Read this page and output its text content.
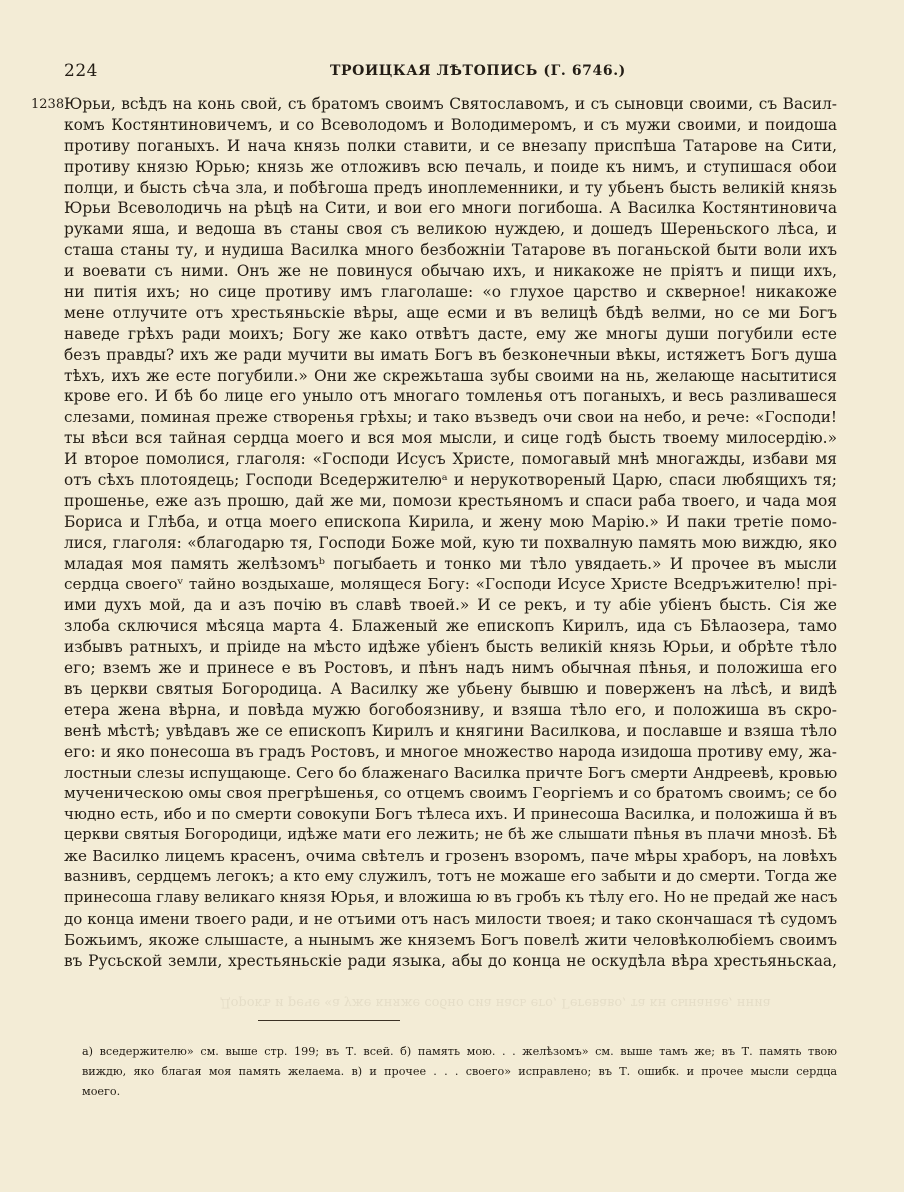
224	ТРОИЦКАЯ ЛѢТОПИСЬ (Г. 6746.)
1238
Дорокъ и рече «а уже княже собно сиа нась его, Гегеваво, та кн сынанае, нниа
Юрьи, всѣдъ на конь свой, съ братомъ своимъ Святославомъ, и съ сыновци своими, съ Васил-
комъ Костянтиновичемъ, и со Всеволодомъ и Володимеромъ, и съ мужи своими, и поидоша
противу поганыхъ. И нача князь полки ставити, и се внезапу приспѣша Татарове на Сити,
противу князю Юрью; князь же отложивъ всю печаль, и поиде къ нимъ, и ступишася обои
полци, и бысть сѣча зла, и побѣгоша предъ иноплеменники, и ту убьенъ бысть великій князь
Юрьи Всеволодичь на рѣцѣ на Сити, и вои его многи погибоша. А Василка Костянтиновича
руками яша, и ведоша въ станы своя съ великою нуждею, и дошедъ Шереньского лѣса, и
сташа станы ту, и нудиша Василка много безбожніи Татарове въ поганьской быти воли ихъ
и воевати съ ними. Онъ же не повинуся обычаю ихъ, и никакоже не пріятъ и пищи ихъ,
ни питія ихъ; но сице противу имъ глаголаше: «о глухое царство и скверное! никакоже
мене отлучите отъ хрестьяньскіе вѣры, аще есми и въ велицѣ бѣдѣ велми, но се ми Богъ
наведе грѣхъ ради моихъ; Богу же како отвѣтъ дасте, ему же многы души погубили есте
безъ правды? ихъ же ради мучити вы имать Богъ въ безконечныи вѣкы, истяжетъ Богъ душа
тѣхъ, ихъ же есте погубили.» Они же скрежьташа зубы своими на нь, желающе насытитися
крове его. И бѣ бо лице его уныло отъ многаго томленья отъ поганыхъ, и весь разливашеся
слезами, поминая преже створенья грѣхы; и тако възведъ очи свои на небо, и рече: «Господи!
ты вѣси вся тайная сердца моего и вся моя мысли, и сице годѣ бысть твоему милосердію.»
И второе помолися, глаголя: «Господи Исусъ Христе, помогавый мнѣ многажды, избави мя
отъ сѣхъ плотоядець; Господи Вседержителюᵃ и нерукотвореный Царю, спаси любящихъ тя;
прошенье, еже азъ прошю, дай же ми, помози крестьяномъ и спаси раба твоего, и чада моя
Бориса и Глѣба, и отца моего епископа Кирила, и жену мою Марію.» И паки третіе помо-
лися, глаголя: «благодарю тя, Господи Боже мой, кую ти похвалную память мою виждю, яко
младая моя память желѣзомъᵇ погыбаеть и тонко ми тѣло увядаеть.» И прочее въ мысли
сердца своегоᵛ тайно воздыхаше, молящеся Богу: «Господи Исусе Христе Вседръжителю! прі-
ими духъ мой, да и азъ почію въ славѣ твоей.» И се рекъ, и ту абіе убіенъ бысть. Сія же
злоба сключися мѣсяца марта 4. Блаженый же епископъ Кирилъ, ида съ Бѣлаозера, тамо
избывъ ратныхъ, и пріиде на мѣсто идѣже убіенъ бысть великій князь Юрьи, и обрѣте тѣло
его; вземъ же и принесе е въ Ростовъ, и пѣнъ надъ нимъ обычная пѣнья, и положиша его
въ церкви святыя Богородица. А Василку же убьену бывшю и поверженъ на лѣсѣ, и видѣ
етера жена вѣрна, и повѣда мужю богобоязниву, и взяша тѣло его, и положиша въ скро-
венѣ мѣстѣ; увѣдавъ же се епископъ Кирилъ и княгини Василкова, и пославше и взяша тѣло
его: и яко понесоша въ градъ Ростовъ, и многое множество народа изидоша противу ему, жа-
лостныи слезы испущающе. Сего бо блаженаго Василка причте Богъ смерти Андреевѣ, кровью
мученическою омы своя прегрѣшенья, со отцемъ своимъ Георгіемъ и со братомъ своимъ; се бо
чюдно есть, ибо и по смерти совокупи Богъ тѣлеса ихъ. И принесоша Василка, и положиша й въ
церкви святыя Богородици, идѣже мати его лежить; не бѣ же слышати пѣнья въ плачи мнозѣ. Бѣ
же Василко лицемъ красенъ, очима свѣтелъ и грозенъ взоромъ, паче мѣры храборъ, на ловѣхъ
вазнивъ, сердцемъ легокъ; а кто ему служилъ, тотъ не можаше его забыти и до смерти. Тогда же
принесоша главу великаго князя Юрья, и вложиша ю въ гробъ къ тѣлу его. Но не предай же насъ
до конца имени твоего ради, и не отъими отъ насъ милости твоея; и тако скончашася тѣ судомъ
Божьимъ, якоже слышасте, а нынымъ же княземъ Богъ повелѣ жити человѣколюбіемъ своимъ
въ Русьской земли, хрестьяньскіе ради языка, абы до конца не оскудѣла вѣра хрестьяньскаа,
а) вседержителю» см. выше стр. 199; въ Т. всей. б) память мою. . . желѣзомъ» см. выше тамъ же; въ Т. память твою
виждю, яко благая моя память желаема. в) и прочее . . . своего» исправлено; въ Т. ошибк. и прочее мысли сердца
моего.
